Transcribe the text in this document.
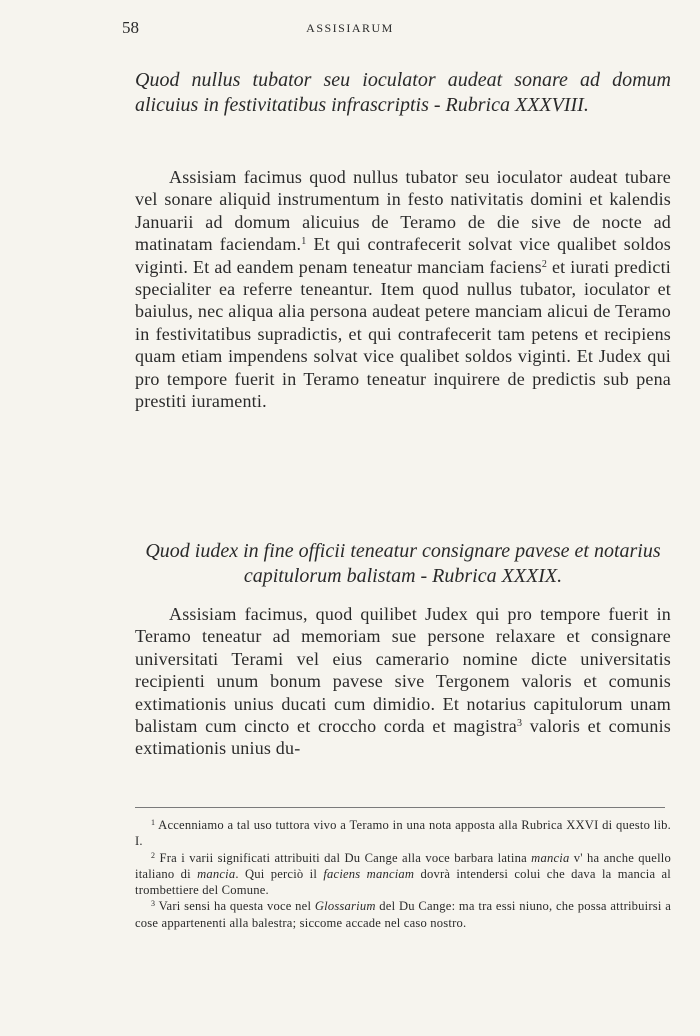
58	ASSISIARUM
Quod nullus tubator seu ioculator audeat sonare ad domum alicuius in festivitatibus infrascriptis - Rubrica XXXVIII.
Assisiam facimus quod nullus tubator seu ioculator audeat tubare vel sonare aliquid instrumentum in festo nativitatis domini et kalendis Januarii ad domum alicuius de Teramo de die sive de nocte ad matinatam faciendam.$^1$ Et qui contrafecerit solvat vice qualibet soldos viginti. Et ad eandem penam teneatur manciam faciens$^2$ et iurati predicti specialiter ea referre teneantur. Item quod nullus tubator, ioculator et baiulus, nec aliqua alia persona audeat petere manciam alicui de Teramo in festivitatibus supradictis, et qui contrafecerit tam petens et recipiens quam etiam impendens solvat vice qualibet soldos viginti. Et Judex qui pro tempore fuerit in Teramo teneatur inquirere de predictis sub pena prestiti iuramenti.
Quod iudex in fine officii teneatur consignare pavese et notarius capitulorum balistam - Rubrica XXXIX.
Assisiam facimus, quod quilibet Judex qui pro tempore fuerit in Teramo teneatur ad memoriam sue persone relaxare et consignare universitati Terami vel eius camerario nomine dicte universitatis recipienti unum bonum pavese sive Tergonem valoris et comunis extimationis unius ducati cum dimidio. Et notarius capitulorum unam balistam cum cincto et croccho corda et magistra$^3$ valoris et comunis extimationis unius du-

$^1$ Accenniamo a tal uso tuttora vivo a Teramo in una nota apposta alla Rubrica XXVI di questo lib. I.

$^2$ Fra i varii significati attribuiti dal Du Cange alla voce barbara latina mancia v' ha anche quello italiano di mancia. Qui perciò il faciens manciam dovrà intendersi colui che dava la mancia al trombettiere del Comune.

$^3$ Vari sensi ha questa voce nel Glossarium del Du Cange: ma tra essi niuno, che possa attribuirsi a cose appartenenti alla balestra; siccome accade nel caso nostro.
